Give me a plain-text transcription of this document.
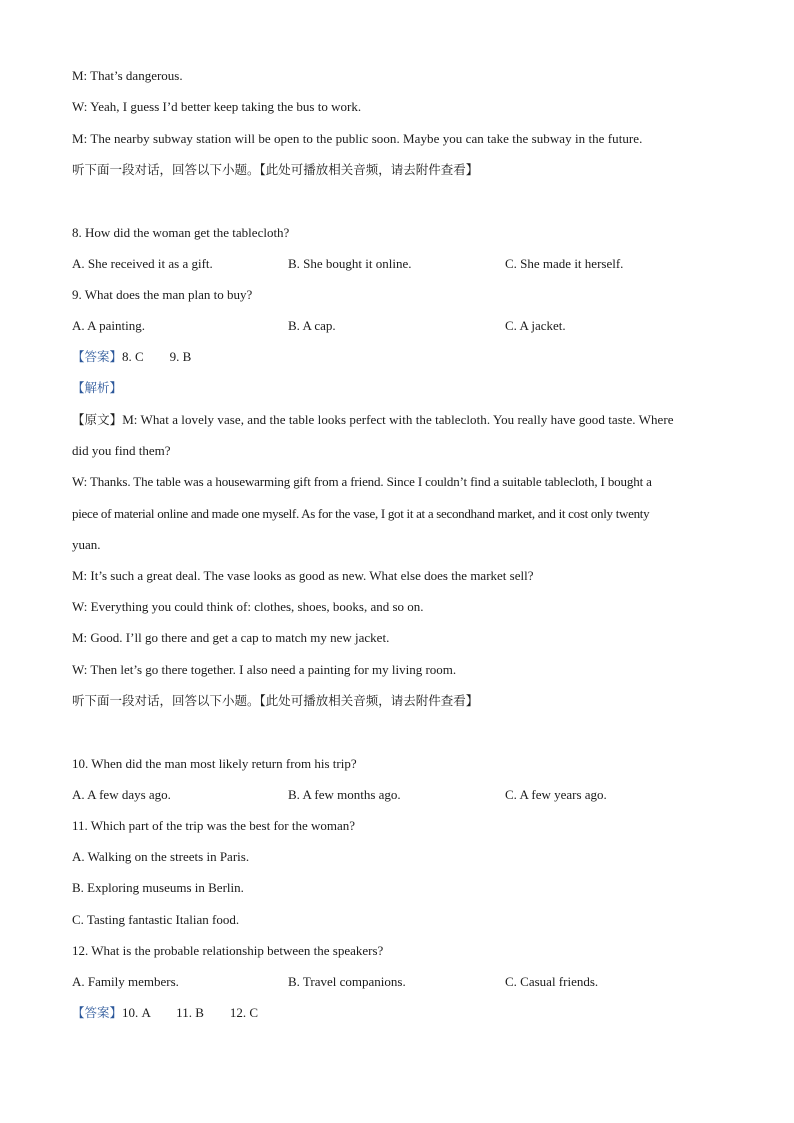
M: That’s dangerous.
W: Yeah, I guess I’d better keep taking the bus to work.
M: The nearby subway station will be open to the public soon. Maybe you can take the subway in the future.
听下面一段对话，回答以下小题。【此处可播放相关音频，请去附件查看】
8. How did the woman get the tablecloth?
A. She received it as a gift.	B. She bought it online.	C. She made it herself.
9. What does the man plan to buy?
A. A painting.	B. A cap.	C. A jacket.
【答案】8. C　　9. B
【解析】
【原文】M: What a lovely vase, and the table looks perfect with the tablecloth. You really have good taste. Where
did you find them?
W: Thanks. The table was a housewarming gift from a friend. Since I couldn’t find a suitable tablecloth, I bought a
piece of material online and made one myself. As for the vase, I got it at a secondhand market, and it cost only twenty
yuan.
M: It’s such a great deal. The vase looks as good as new. What else does the market sell?
W: Everything you could think of: clothes, shoes, books, and so on.
M: Good. I’ll go there and get a cap to match my new jacket.
W: Then let’s go there together. I also need a painting for my living room.
听下面一段对话，回答以下小题。【此处可播放相关音频，请去附件查看】
10. When did the man most likely return from his trip?
A. A few days ago.	B. A few months ago.	C. A few years ago.
11. Which part of the trip was the best for the woman?
A. Walking on the streets in Paris.
B. Exploring museums in Berlin.
C. Tasting fantastic Italian food.
12. What is the probable relationship between the speakers?
A. Family members.	B. Travel companions.	C. Casual friends.
【答案】10. A　　11. B　　12. C
